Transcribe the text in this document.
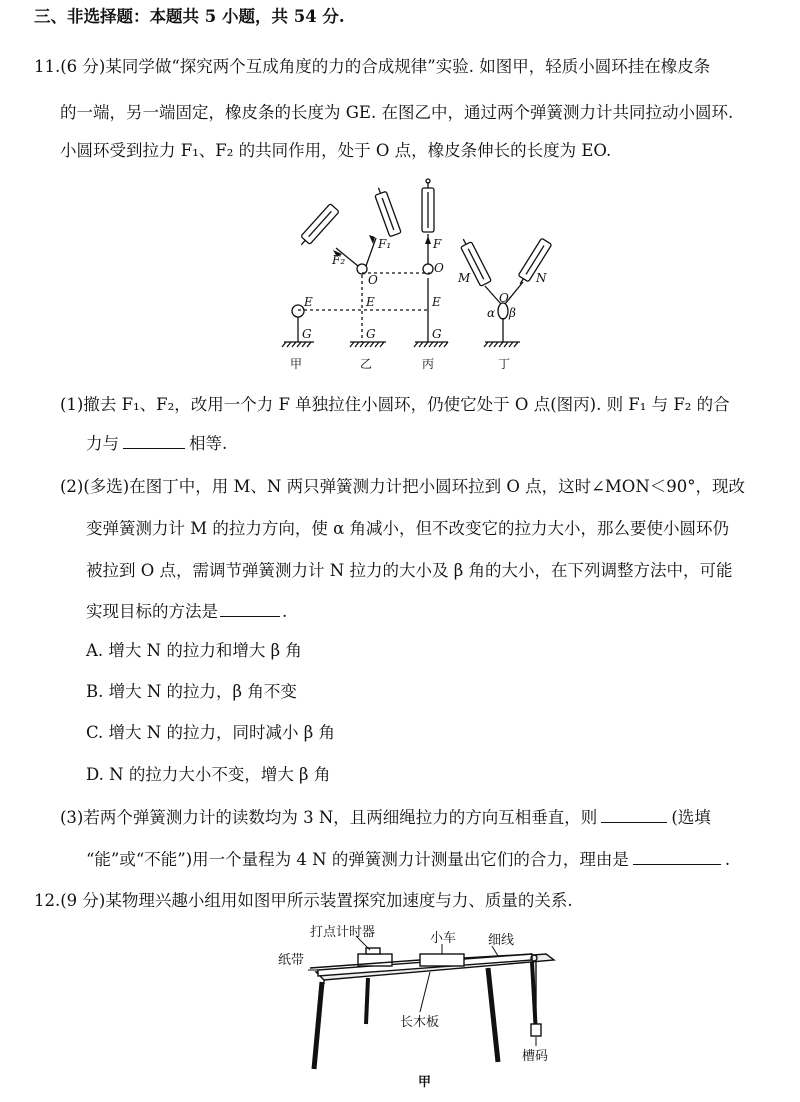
三、非选择题：本题共 5 小题，共 54 分.
11.(6 分)某同学做“探究两个互成角度的力的合成规律”实验. 如图甲，轻质小圆环挂在橡皮条
的一端，另一端固定，橡皮条的长度为 GE. 在图乙中，通过两个弹簧测力计共同拉动小圆环.
小圆环受到拉力 F₁、F₂ 的共同作用，处于 O 点，橡皮条伸长的长度为 EO.
E
G
E
G
O
E
G
O
F
F₁
F₂
M	N
O
α β
甲	乙	丙	丁
(1)撤去 F₁、F₂，改用一个力 F 单独拉住小圆环，仍使它处于 O 点(图丙). 则 F₁ 与 F₂ 的合
力与	相等.
(2)(多选)在图丁中，用 M、N 两只弹簧测力计把小圆环拉到 O 点，这时∠MON＜90°，现改
变弹簧测力计 M 的拉力方向，使 α 角减小，但不改变它的拉力大小，那么要使小圆环仍
被拉到 O 点，需调节弹簧测力计 N 拉力的大小及 β 角的大小，在下列调整方法中，可能
实现目标的方法是	.
A. 增大 N 的拉力和增大 β 角
B. 增大 N 的拉力，β 角不变
C. 增大 N 的拉力，同时减小 β 角
D. N 的拉力大小不变，增大 β 角
(3)若两个弹簧测力计的读数均为 3 N，且两细绳拉力的方向互相垂直，则	(选填
“能”或“不能”)用一个量程为 4 N 的弹簧测力计测量出它们的合力，理由是	.
12.(9 分)某物理兴趣小组用如图甲所示装置探究加速度与力、质量的关系.
打点计时器	小车 细线
纸带
长木板
槽码
甲
